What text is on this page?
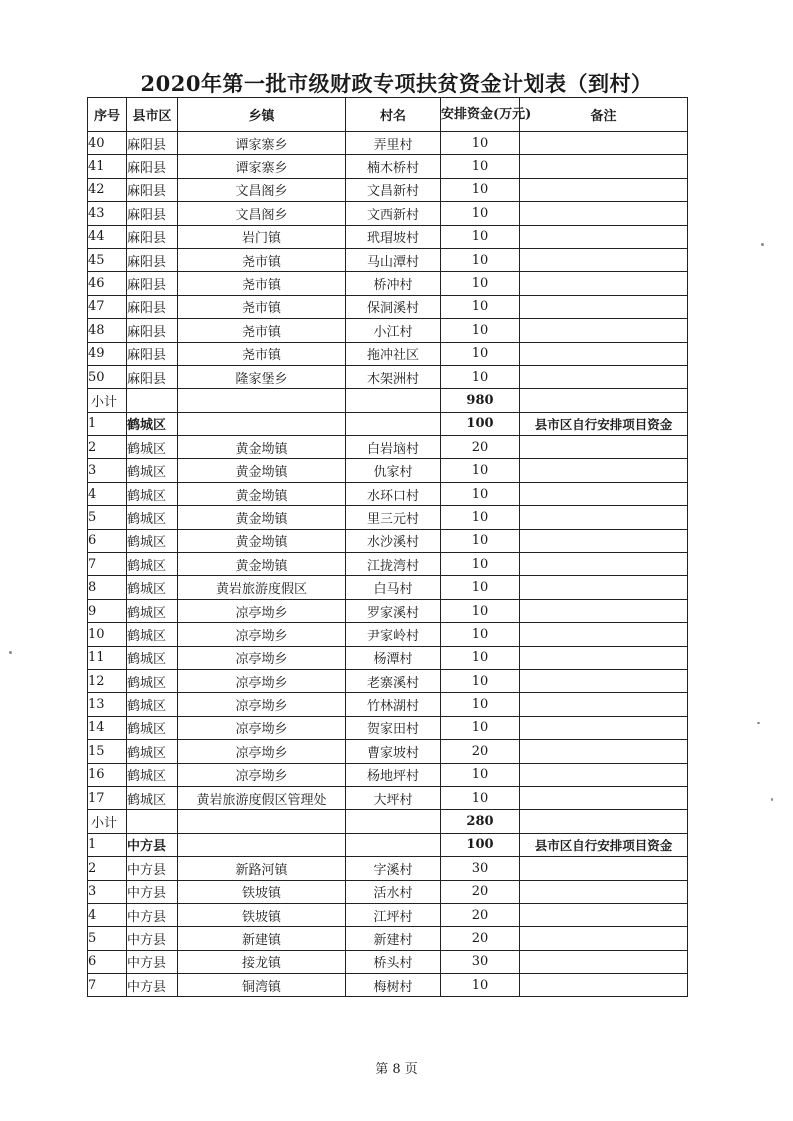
2020年第一批市级财政专项扶贫资金计划表（到村）
序号	县市区	乡镇	村名	安排资金(万元)	备注
40	麻阳县	谭家寨乡	弄里村	10	
41	麻阳县	谭家寨乡	楠木桥村	10	
42	麻阳县	文昌阁乡	文昌新村	10	
43	麻阳县	文昌阁乡	文西新村	10	
44	麻阳县	岩门镇	玳瑁坡村	10	
45	麻阳县	尧市镇	马山潭村	10	
46	麻阳县	尧市镇	桥冲村	10	
47	麻阳县	尧市镇	保洞溪村	10	
48	麻阳县	尧市镇	小江村	10	
49	麻阳县	尧市镇	拖冲社区	10	
50	麻阳县	隆家堡乡	木架洲村	10	
小计				980	
1	鹤城区			100	县市区自行安排项目资金
2	鹤城区	黄金坳镇	白岩垴村	20	
3	鹤城区	黄金坳镇	仇家村	10	
4	鹤城区	黄金坳镇	水环口村	10	
5	鹤城区	黄金坳镇	里三元村	10	
6	鹤城区	黄金坳镇	水沙溪村	10	
7	鹤城区	黄金坳镇	江拢湾村	10	
8	鹤城区	黄岩旅游度假区	白马村	10	
9	鹤城区	凉亭坳乡	罗家溪村	10	
10	鹤城区	凉亭坳乡	尹家岭村	10	
11	鹤城区	凉亭坳乡	杨潭村	10	
12	鹤城区	凉亭坳乡	老寨溪村	10	
13	鹤城区	凉亭坳乡	竹林湖村	10	
14	鹤城区	凉亭坳乡	贺家田村	10	
15	鹤城区	凉亭坳乡	曹家坡村	20	
16	鹤城区	凉亭坳乡	杨地坪村	10	
17	鹤城区	黄岩旅游度假区管理处	大坪村	10	
小计				280	
1	中方县			100	县市区自行安排项目资金
2	中方县	新路河镇	字溪村	30	
3	中方县	铁坡镇	活水村	20	
4	中方县	铁坡镇	江坪村	20	
5	中方县	新建镇	新建村	20	
6	中方县	接龙镇	桥头村	30	
7	中方县	铜湾镇	梅树村	10	
第 8 页
